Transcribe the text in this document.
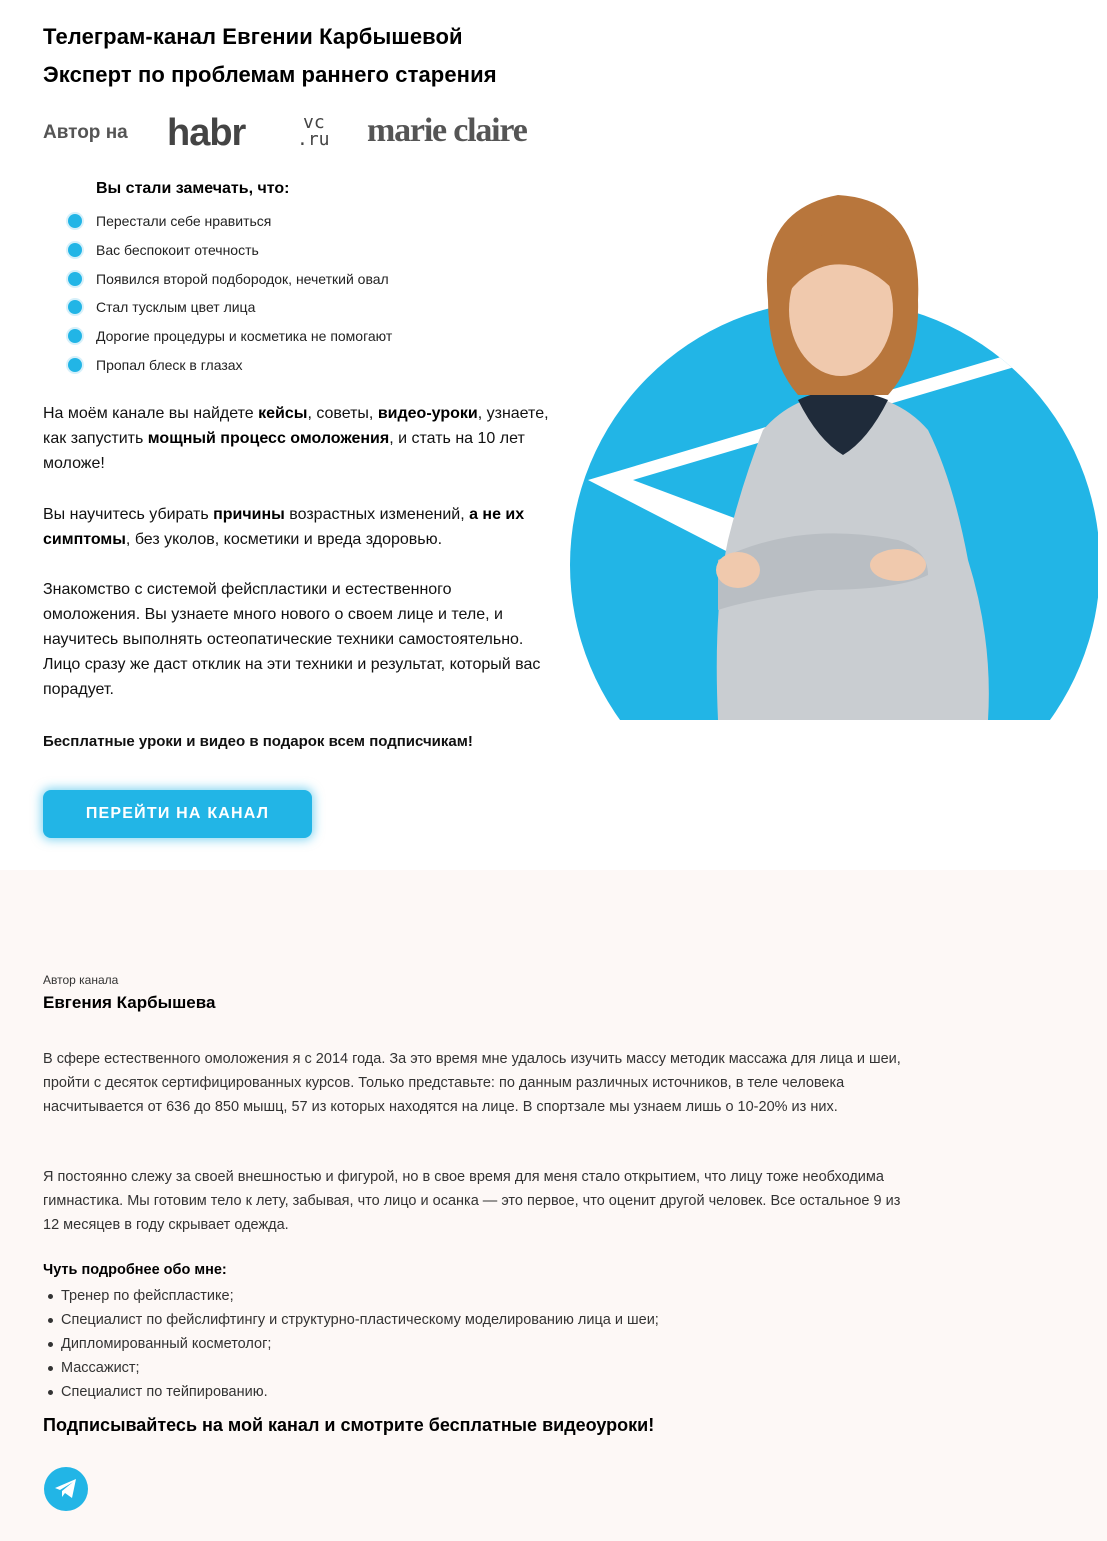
Телеграм-канал Евгении Карбышевой
Эксперт по проблемам раннего старения
Автор на habr	vc
.ru marie claire
Вы стали замечать, что:
Перестали себе нравиться
Вас беспокоит отечность
Появился второй подбородок, нечеткий овал
Стал тусклым цвет лица
Дорогие процедуры и косметика не помогают
Пропал блеск в глазах

На моём канале вы найдете кейсы, советы, видео-уроки, узнаете, как запустить мощный процесс омоложения, и стать на 10 лет моложе!

Вы научитесь убирать причины возрастных изменений, а не их симптомы, без уколов, косметики и вреда здоровью.

Знакомство с системой фейспластики и естественного омоложения. Вы узнаете много нового о своем лице и теле, и научитесь выполнять остеопатические техники самостоятельно. Лицо сразу же даст отклик на эти техники и результат, который вас порадует.

Бесплатные уроки и видео в подарок всем подписчикам!

ПЕРЕЙТИ НА КАНАЛ
Автор канала
Евгения Карбышева

В сфере естественного омоложения я с 2014 года. За это время мне удалось изучить массу методик массажа для лица и шеи, пройти с десяток сертифицированных курсов. Только представьте: по данным различных источников, в теле человека насчитывается от 636 до 850 мышц, 57 из которых находятся на лице. В спортзале мы узнаем лишь о 10-20% из них.

Я постоянно слежу за своей внешностью и фигурой, но в свое время для меня стало открытием, что лицу тоже необходима гимнастика. Мы готовим тело к лету, забывая, что лицо и осанка — это первое, что оценит другой человек. Все остальное 9 из 12 месяцев в году скрывает одежда.

Чуть подробнее обо мне:
Тренер по фейспластике;
Специалист по фейслифтингу и структурно-пластическому моделированию лица и шеи;
Дипломированный косметолог;
Массажист;
Специалист по тейпированию.
Подписывайтесь на мой канал и смотрите бесплатные видеоуроки!
